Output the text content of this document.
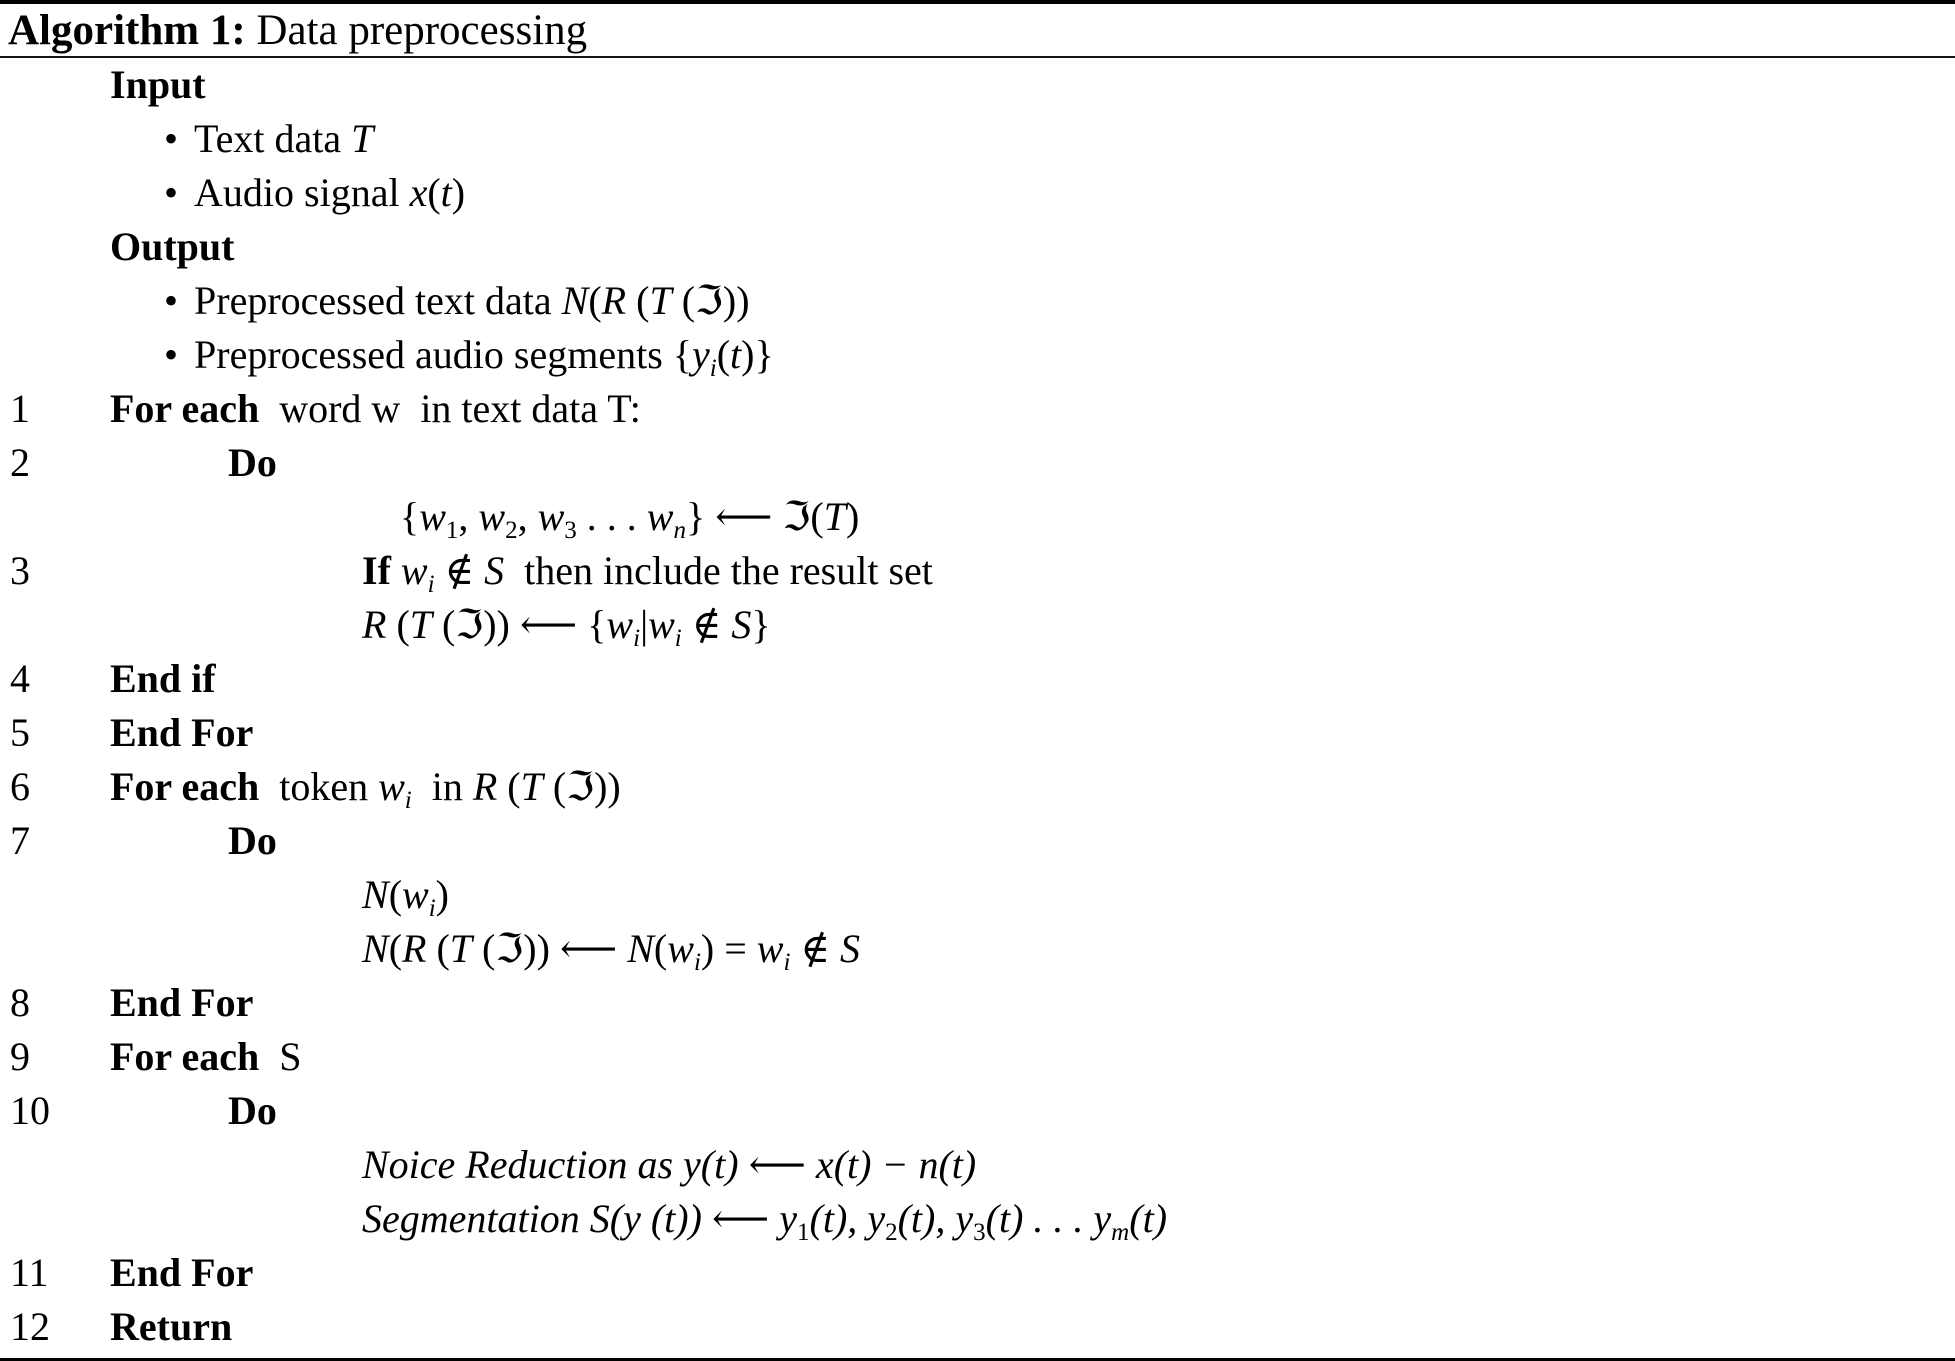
Algorithm 1: Data preprocessing
Input
• Text data T
• Audio signal x(t)
Output
• Preprocessed text data N(R (T (ℑ))
• Preprocessed audio segments $\{y_i(t)\}$
1	For each  word w  in text data T:
2	Do
{$w_1$, $w_2$, $w_3$ . . . $w_n$} ⟵ ℑ(T)
3	If $w_i$ ∉ S  then include the result set
R (T (ℑ)) ⟵ {$w_i|w_i$ ∉ S}
4	End if
5	End For
6	For each  token $w_i$  in R (T (ℑ))
7	Do
$N(w_i)$
N(R (T (ℑ)) ⟵ $N(w_i) = w_i$ ∉ S
8	End For
9	For each  S
10	Do
Noice Reduction as y(t) ⟵ x(t) − n(t)
Segmentation S(y (t)) ⟵ $y_1(t)$, $y_2(t)$, $y_3(t)$ . . . $y_m(t)$
11	End For
12	Return
